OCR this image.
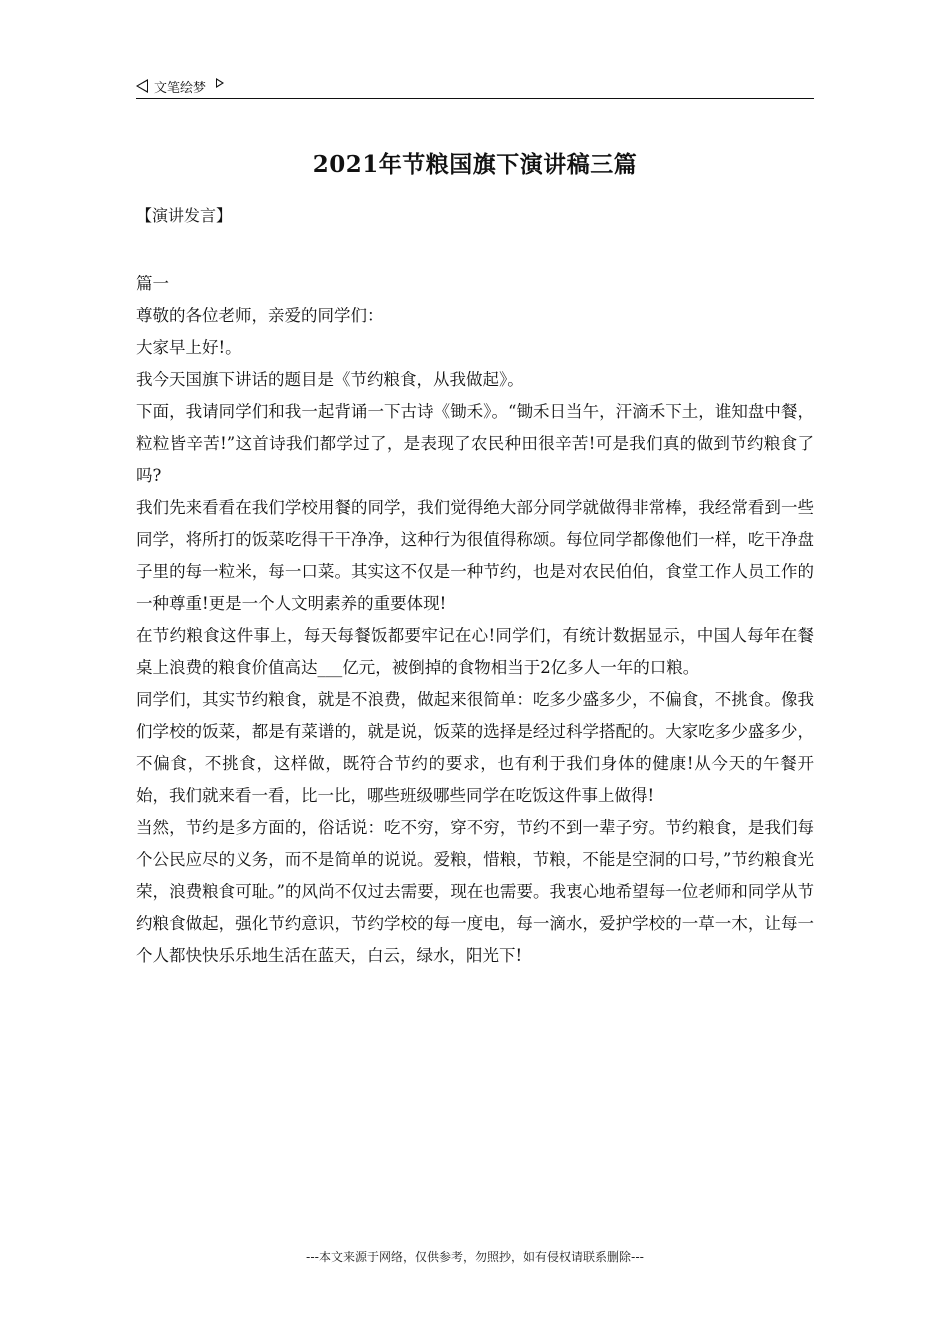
文笔绘梦
2021年节粮国旗下演讲稿三篇
【演讲发言】

篇一

尊敬的各位老师，亲爱的同学们：

大家早上好!。

我今天国旗下讲话的题目是《节约粮食，从我做起》。

下面，我请同学们和我一起背诵一下古诗《锄禾》。“锄禾日当午，汗滴禾下土，谁知盘中餐，粒粒皆辛苦!”这首诗我们都学过了，是表现了农民种田很辛苦!可是我们真的做到节约粮食了吗?

我们先来看看在我们学校用餐的同学，我们觉得绝大部分同学就做得非常棒，我经常看到一些同学，将所打的饭菜吃得干干净净，这种行为很值得称颂。每位同学都像他们一样，吃干净盘子里的每一粒米，每一口菜。其实这不仅是一种节约，也是对农民伯伯，食堂工作人员工作的一种尊重!更是一个人文明素养的重要体现!

在节约粮食这件事上，每天每餐饭都要牢记在心!同学们，有统计数据显示，中国人每年在餐桌上浪费的粮食价值高达___亿元，被倒掉的食物相当于2亿多人一年的口粮。

同学们，其实节约粮食，就是不浪费，做起来很简单：吃多少盛多少，不偏食，不挑食。像我们学校的饭菜，都是有菜谱的，就是说，饭菜的选择是经过科学搭配的。大家吃多少盛多少，不偏食，不挑食，这样做，既符合节约的要求，也有利于我们身体的健康!从今天的午餐开始，我们就来看一看，比一比，哪些班级哪些同学在吃饭这件事上做得!

当然，节约是多方面的，俗话说：吃不穷，穿不穷，节约不到一辈子穷。节约粮食，是我们每个公民应尽的义务，而不是简单的说说。爱粮，惜粮，节粮，不能是空洞的口号，”节约粮食光荣，浪费粮食可耻。”的风尚不仅过去需要，现在也需要。我衷心地希望每一位老师和同学从节约粮食做起，强化节约意识，节约学校的每一度电，每一滴水，爱护学校的一草一木，让每一个人都快快乐乐地生活在蓝天，白云，绿水，阳光下!

---本文来源于网络，仅供参考，勿照抄，如有侵权请联系删除---
